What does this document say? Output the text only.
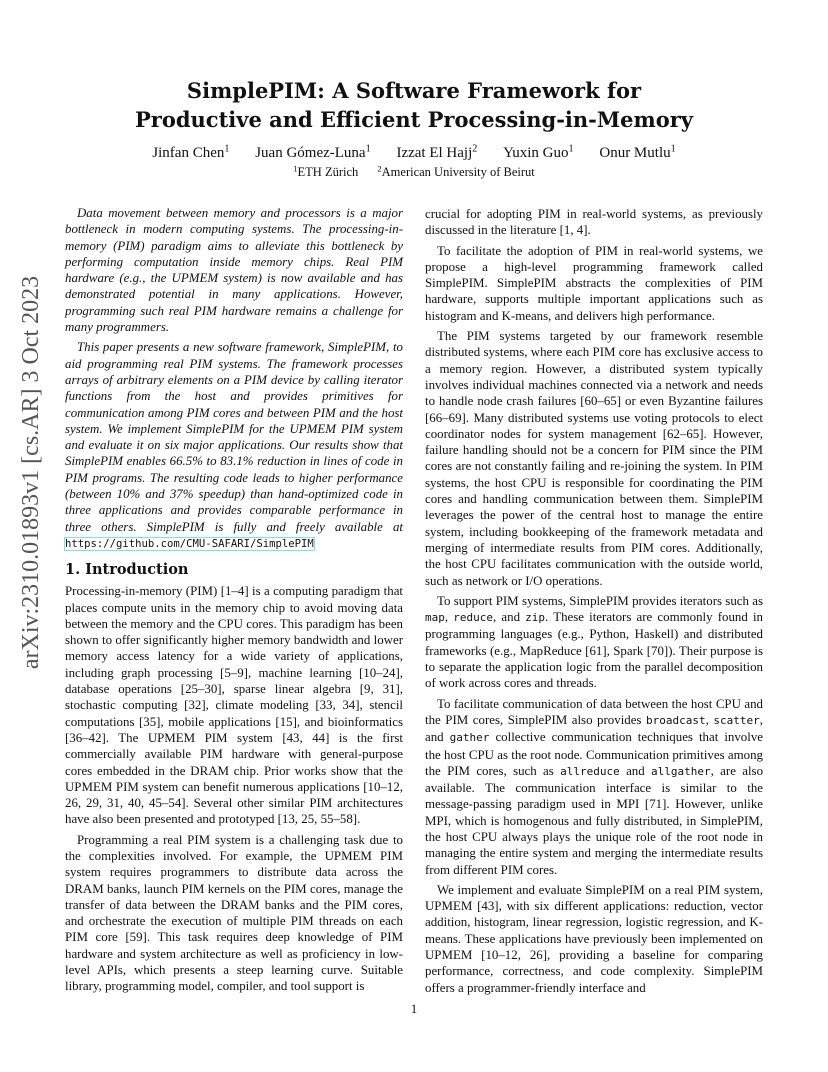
arXiv:2310.01893v1 [cs.AR] 3 Oct 2023
SimplePIM: A Software Framework for
Productive and Efficient Processing-in-Memory
Jinfan Chen$^1$ Juan Gómez-Luna$^1$ Izzat El Hajj$^2$ Yuxin Guo$^1$ Onur Mutlu$^1$
$^1$ETH Zürich $^2$American University of Beirut

Data movement between memory and processors is a major bottleneck in modern computing systems. The processing-in-memory (PIM) paradigm aims to alleviate this bottleneck by performing computation inside memory chips. Real PIM hardware (e.g., the UPMEM system) is now available and has demonstrated potential in many applications. However, programming such real PIM hardware remains a challenge for many programmers.

This paper presents a new software framework, SimplePIM, to aid programming real PIM systems. The framework processes arrays of arbitrary elements on a PIM device by calling iterator functions from the host and provides primitives for communication among PIM cores and between PIM and the host system. We implement SimplePIM for the UPMEM PIM system and evaluate it on six major applications. Our results show that SimplePIM enables 66.5% to 83.1% reduction in lines of code in PIM programs. The resulting code leads to higher performance (between 10% and 37% speedup) than hand-optimized code in three applications and provides comparable performance in three others. SimplePIM is fully and freely available at https://github.com/CMU-SAFARI/SimplePIM

1. Introduction

Processing-in-memory (PIM) [1–4] is a computing paradigm that places compute units in the memory chip to avoid moving data between the memory and the CPU cores. This paradigm has been shown to offer significantly higher memory bandwidth and lower memory access latency for a wide variety of applications, including graph processing [5–9], machine learning [10–24], database operations [25–30], sparse linear algebra [9, 31], stochastic computing [32], climate modeling [33, 34], stencil computations [35], mobile applications [15], and bioinformatics [36–42]. The UPMEM PIM system [43, 44] is the first commercially available PIM hardware with general-purpose cores embedded in the DRAM chip. Prior works show that the UPMEM PIM system can benefit numerous applications [10–12, 26, 29, 31, 40, 45–54]. Several other similar PIM architectures have also been presented and prototyped [13, 25, 55–58].

Programming a real PIM system is a challenging task due to the complexities involved. For example, the UPMEM PIM system requires programmers to distribute data across the DRAM banks, launch PIM kernels on the PIM cores, manage the transfer of data between the DRAM banks and the PIM cores, and orchestrate the execution of multiple PIM threads on each PIM core [59]. This task requires deep knowledge of PIM hardware and system architecture as well as proficiency in low-level APIs, which presents a steep learning curve. Suitable library, programming model, compiler, and tool support is

crucial for adopting PIM in real-world systems, as previously discussed in the literature [1, 4].

To facilitate the adoption of PIM in real-world systems, we propose a high-level programming framework called SimplePIM. SimplePIM abstracts the complexities of PIM hardware, supports multiple important applications such as histogram and K-means, and delivers high performance.

The PIM systems targeted by our framework resemble distributed systems, where each PIM core has exclusive access to a memory region. However, a distributed system typically involves individual machines connected via a network and needs to handle node crash failures [60–65] or even Byzantine failures [66–69]. Many distributed systems use voting protocols to elect coordinator nodes for system management [62–65]. However, failure handling should not be a concern for PIM since the PIM cores are not constantly failing and re-joining the system. In PIM systems, the host CPU is responsible for coordinating the PIM cores and handling communication between them. SimplePIM leverages the power of the central host to manage the entire system, including bookkeeping of the framework metadata and merging of intermediate results from PIM cores. Additionally, the host CPU facilitates communication with the outside world, such as network or I/O operations.

To support PIM systems, SimplePIM provides iterators such as map, reduce, and zip. These iterators are commonly found in programming languages (e.g., Python, Haskell) and distributed frameworks (e.g., MapReduce [61], Spark [70]). Their purpose is to separate the application logic from the parallel decomposition of work across cores and threads.

To facilitate communication of data between the host CPU and the PIM cores, SimplePIM also provides broadcast, scatter, and gather collective communication techniques that involve the host CPU as the root node. Communication primitives among the PIM cores, such as allreduce and allgather, are also available. The communication interface is similar to the message-passing paradigm used in MPI [71]. However, unlike MPI, which is homogenous and fully distributed, in SimplePIM, the host CPU always plays the unique role of the root node in managing the entire system and merging the intermediate results from different PIM cores.

We implement and evaluate SimplePIM on a real PIM system, UPMEM [43], with six different applications: reduction, vector addition, histogram, linear regression, logistic regression, and K-means. These applications have previously been implemented on UPMEM [10–12, 26], providing a baseline for comparing performance, correctness, and code complexity. SimplePIM offers a programmer-friendly interface and

1
